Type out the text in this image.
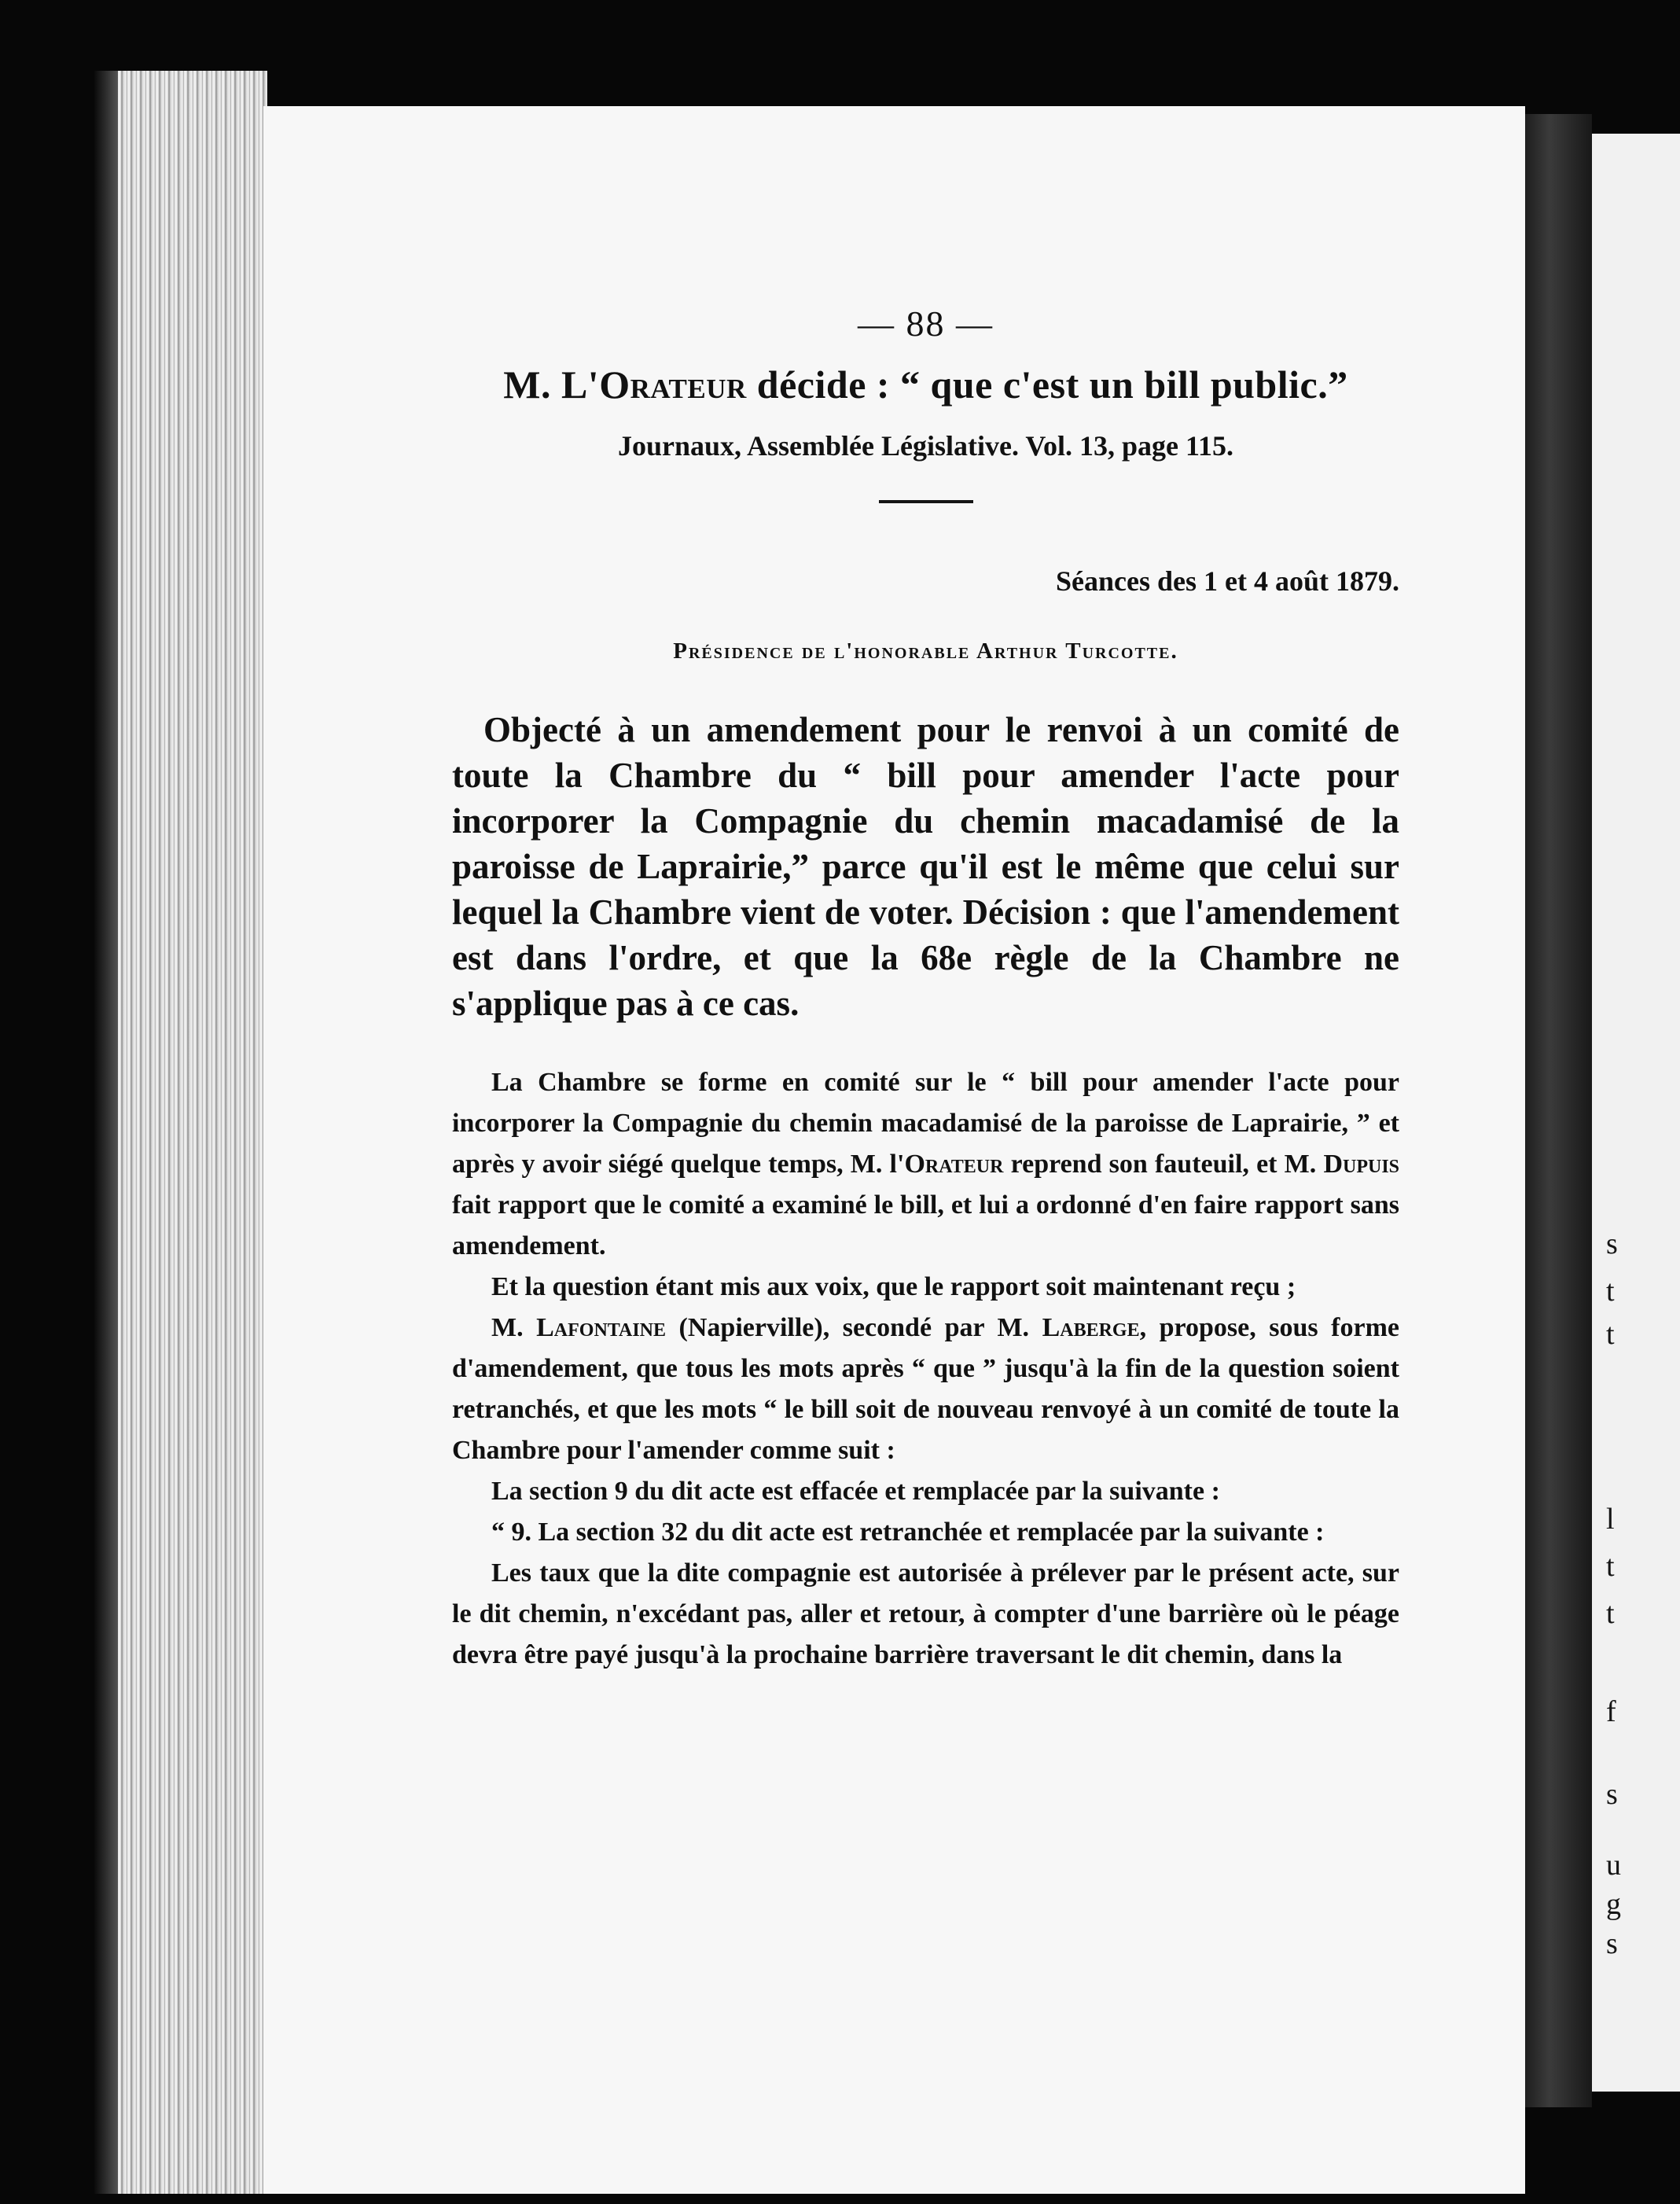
s
t
t
l
t
t
f
s
u
g
s
— 88 —
M. L'Orateur décide : “ que c'est un bill public.”
Journaux, Assemblée Législative. Vol. 13, page 115.
Séances des 1 et 4 août 1879.
Présidence de l'honorable Arthur Turcotte.
Objecté à un amendement pour le renvoi à un comité de toute la Chambre du “ bill pour amender l'acte pour incorporer la Compagnie du chemin macadamisé de la paroisse de Laprairie,” parce qu'il est le même que celui sur lequel la Chambre vient de voter. Décision : que l'amendement est dans l'ordre, et que la 68e règle de la Chambre ne s'applique pas à ce cas.

La Chambre se forme en comité sur le “ bill pour amender l'acte pour incorporer la Compagnie du chemin macadamisé de la paroisse de Laprairie, ” et après y avoir siégé quelque temps, M. l'Orateur reprend son fauteuil, et M. Dupuis fait rapport que le comité a examiné le bill, et lui a ordonné d'en faire rapport sans amendement.

Et la question étant mis aux voix, que le rapport soit maintenant reçu ;

M. Lafontaine (Napierville), secondé par M. Laberge, propose, sous forme d'amendement, que tous les mots après “ que ” jusqu'à la fin de la question soient retranchés, et que les mots “ le bill soit de nouveau renvoyé à un comité de toute la Chambre pour l'amender comme suit :

La section 9 du dit acte est effacée et remplacée par la suivante :

“ 9. La section 32 du dit acte est retranchée et remplacée par la suivante :

Les taux que la dite compagnie est autorisée à prélever par le présent acte, sur le dit chemin, n'excédant pas, aller et retour, à compter d'une barrière où le péage devra être payé jusqu'à la prochaine barrière traversant le dit chemin, dans la
